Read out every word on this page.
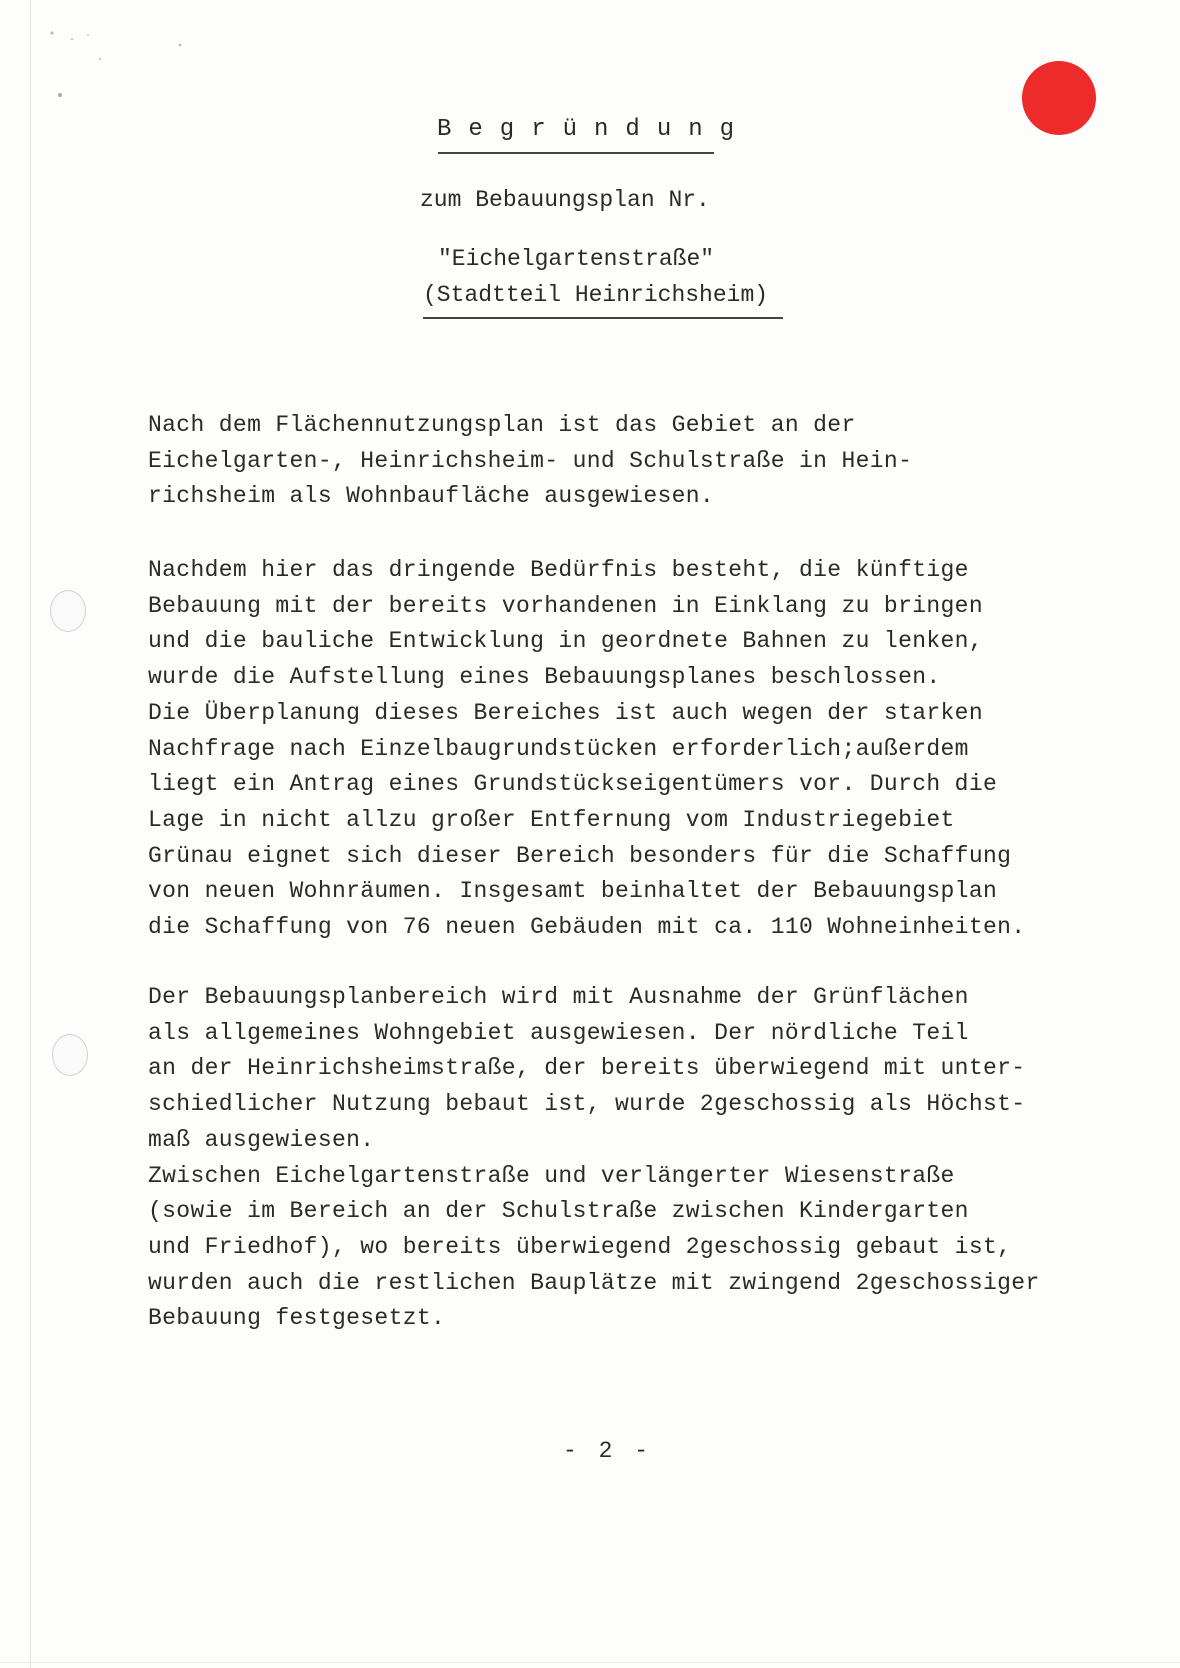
Begründung
zum Bebauungsplan Nr.
"Eichelgartenstraße"
(Stadtteil Heinrichsheim)
Nach dem Flächennutzungsplan ist das Gebiet an der
Eichelgarten-, Heinrichsheim- und Schulstraße in Hein-
richsheim als Wohnbaufläche ausgewiesen.
Nachdem hier das dringende Bedürfnis besteht, die künftige
Bebauung mit der bereits vorhandenen in Einklang zu bringen
und die bauliche Entwicklung in geordnete Bahnen zu lenken,
wurde die Aufstellung eines Bebauungsplanes beschlossen.
Die Überplanung dieses Bereiches ist auch wegen der starken
Nachfrage nach Einzelbaugrundstücken erforderlich;außerdem
liegt ein Antrag eines Grundstückseigentümers vor. Durch die
Lage in nicht allzu großer Entfernung vom Industriegebiet
Grünau eignet sich dieser Bereich besonders für die Schaffung
von neuen Wohnräumen. Insgesamt beinhaltet der Bebauungsplan
die Schaffung von 76 neuen Gebäuden mit ca. 110 Wohneinheiten.
Der Bebauungsplanbereich wird mit Ausnahme der Grünflächen
als allgemeines Wohngebiet ausgewiesen. Der nördliche Teil
an der Heinrichsheimstraße, der bereits überwiegend mit unter-
schiedlicher Nutzung bebaut ist, wurde 2geschossig als Höchst-
maß ausgewiesen.
Zwischen Eichelgartenstraße und verlängerter Wiesenstraße
(sowie im Bereich an der Schulstraße zwischen Kindergarten
und Friedhof), wo bereits überwiegend 2geschossig gebaut ist,
wurden auch die restlichen Bauplätze mit zwingend 2geschossiger
Bebauung festgesetzt.
- 2 -
